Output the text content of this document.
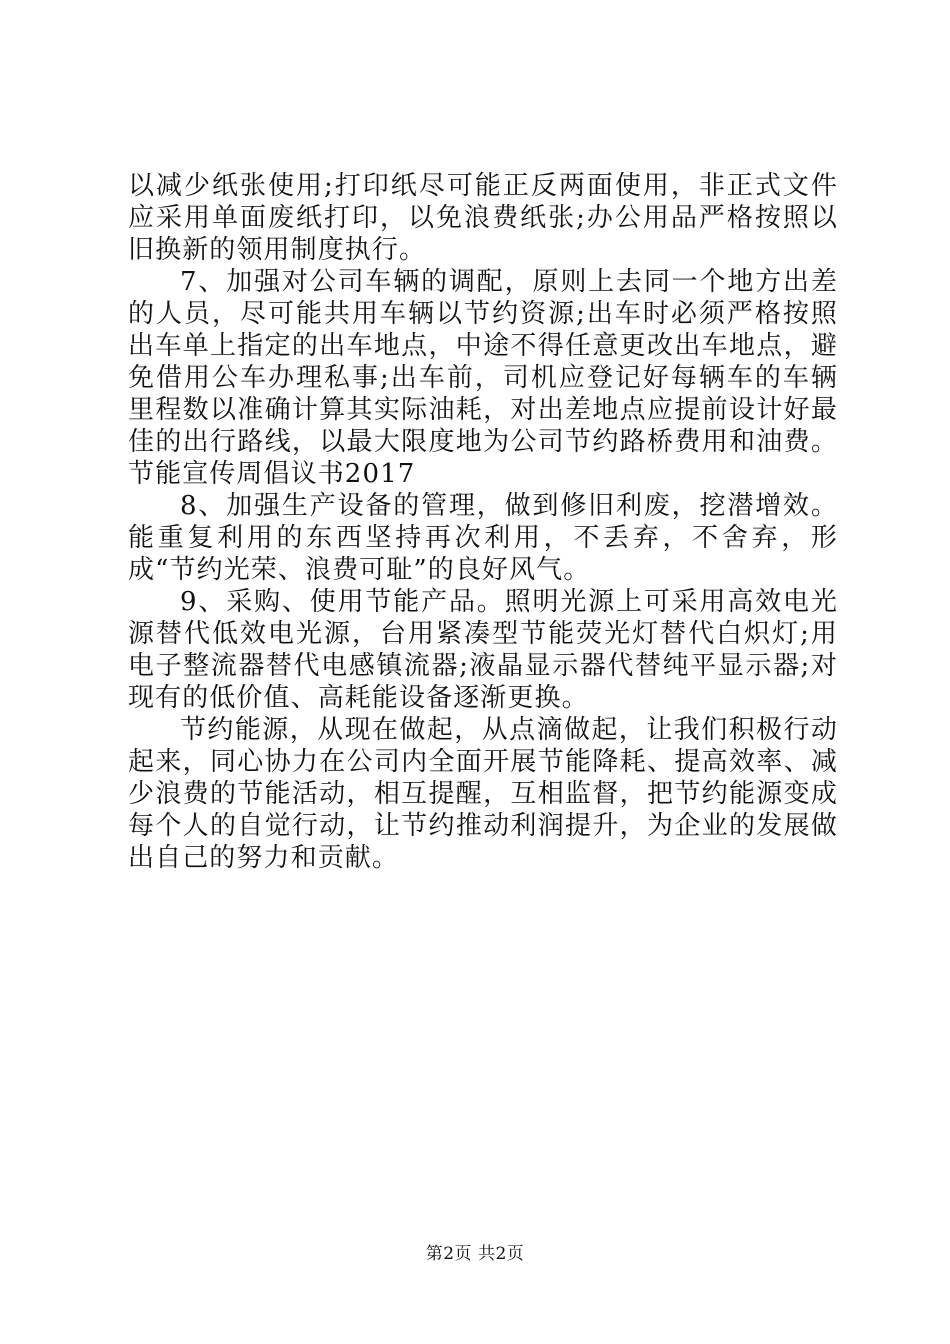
以减少纸张使用;打印纸尽可能正反两面使用，非正式文件应采用单面废纸打印，以免浪费纸张;办公用品严格按照以旧换新的领用制度执行。

7、加强对公司车辆的调配，原则上去同一个地方出差的人员，尽可能共用车辆以节约资源;出车时必须严格按照出车单上指定的出车地点，中途不得任意更改出车地点，避免借用公车办理私事;出车前，司机应登记好每辆车的车辆里程数以准确计算其实际油耗，对出差地点应提前设计好最佳的出行路线，以最大限度地为公司节约路桥费用和油费。节能宣传周倡议书2017

8、加强生产设备的管理，做到修旧利废，挖潜增效。能重复利用的东西坚持再次利用，不丢弃，不舍弃，形成“节约光荣、浪费可耻”的良好风气。

9、采购、使用节能产品。照明光源上可采用高效电光源替代低效电光源，台用紧凑型节能荧光灯替代白炽灯;用电子整流器替代电感镇流器;液晶显示器代替纯平显示器;对现有的低价值、高耗能设备逐渐更换。

节约能源，从现在做起，从点滴做起，让我们积极行动起来，同心协力在公司内全面开展节能降耗、提高效率、减少浪费的节能活动，相互提醒，互相监督，把节约能源变成每个人的自觉行动，让节约推动利润提升，为企业的发展做出自己的努力和贡献。

第2页 共2页
